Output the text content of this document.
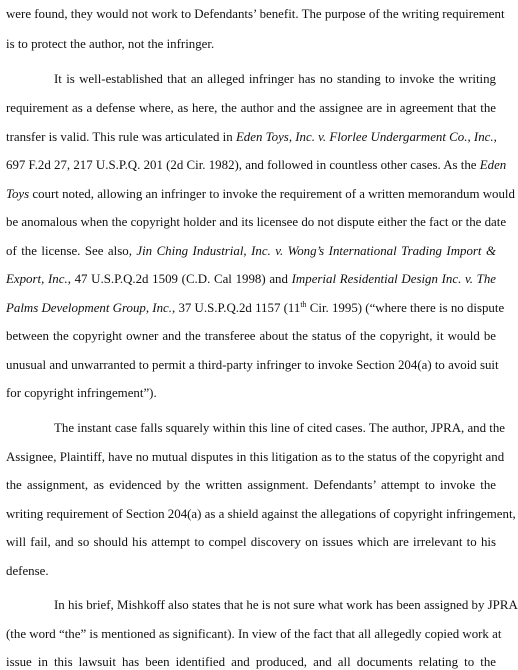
were found, they would not work to Defendants’ benefit. The purpose of the writing requirement
is to protect the author, not the infringer.
It is well-established that an alleged infringer has no standing to invoke the writing
requirement as a defense where, as here, the author and the assignee are in agreement that the
transfer is valid. This rule was articulated in Eden Toys, Inc. v. Florlee Undergarment Co., Inc.,
697 F.2d 27, 217 U.S.P.Q. 201 (2d Cir. 1982), and followed in countless other cases. As the Eden
Toys court noted, allowing an infringer to invoke the requirement of a written memorandum would
be anomalous when the copyright holder and its licensee do not dispute either the fact or the date
of the license. See also, Jin Ching Industrial, Inc. v. Wong’s International Trading Import &
Export, Inc., 47 U.S.P.Q.2d 1509 (C.D. Cal 1998) and Imperial Residential Design Inc. v. The
Palms Development Group, Inc., 37 U.S.P.Q.2d 1157 (11th Cir. 1995) (“where there is no dispute
between the copyright owner and the transferee about the status of the copyright, it would be
unusual and unwarranted to permit a third-party infringer to invoke Section 204(a) to avoid suit
for copyright infringement”).
The instant case falls squarely within this line of cited cases. The author, JPRA, and the
Assignee, Plaintiff, have no mutual disputes in this litigation as to the status of the copyright and
the assignment, as evidenced by the written assignment. Defendants’ attempt to invoke the
writing requirement of Section 204(a) as a shield against the allegations of copyright infringement,
will fail, and so should his attempt to compel discovery on issues which are irrelevant to his
defense.
In his brief, Mishkoff also states that he is not sure what work has been assigned by JPRA
(the word “the” is mentioned as significant). In view of the fact that all allegedly copied work at
issue in this lawsuit has been identified and produced, and all documents relating to the
